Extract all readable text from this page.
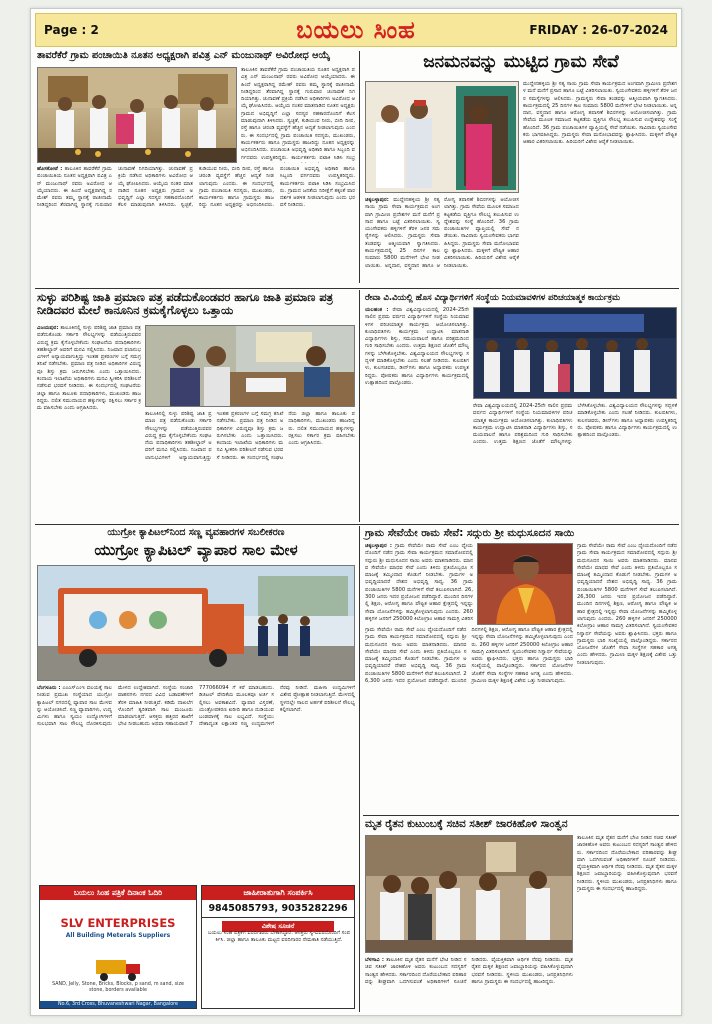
Page : 2	ಬಯಲು ಸಿಂಹ	FRIDAY : 26-07-2024
ತಾವರೆಕೆರೆ ಗ್ರಾಮ ಪಂಚಾಯಿತಿ ನೂತನ ಅಧ್ಯಕ್ಷರಾಗಿ ಪವಿತ್ರ ಎನ್ ಮಂಜುನಾಥ್ ಅವಿರೋಧ ಆಯ್ಕೆ
ತಾಲೂಕಿನ ತಾವರೆಕೆರೆ ಗ್ರಾಮ ಪಂಚಾಯಿತಿಯ ನೂತನ ಅಧ್ಯಕ್ಷರಾಗಿ ಪವಿತ್ರ ಎನ್ ಮಂಜುನಾಥ್ ರವರು ಅವಿರೋಧ ಆಯ್ಕೆಯಾದರು. ಈ ಹಿಂದೆ ಅಧ್ಯಕ್ಷರಾಗಿದ್ದ ರಮೇಶ್ ರವರು ತಮ್ಮ ಸ್ಥಾನಕ್ಕೆ ರಾಜೀನಾಮೆ ನೀಡಿದ್ದರಿಂದ ತೆರವಾಗಿದ್ದ ಸ್ಥಾನಕ್ಕೆ ಗುರುವಾರ ಚುನಾವಣೆ ನಿಗದಿಯಾಗಿತ್ತು. ಚುನಾವಣೆ ಪ್ರಕ್ರಿಯೆ ನಡೆಸಿದ ಅಧಿಕಾರಿಗಳು ಅವಿರೋಧ ಆಯ್ಕೆ ಘೋಷಿಸಿದರು. ಆಯ್ಕೆಯ ನಂತರ ಮಾತನಾಡಿದ ನೂತನ ಅಧ್ಯಕ್ಷರು ಗ್ರಾಮದ ಅಭಿವೃದ್ಧಿಗೆ ಎಲ್ಲಾ ಸದಸ್ಯರ ಸಹಕಾರದೊಂದಿಗೆ ಕೆಲಸ ಮಾಡುವುದಾಗಿ ತಿಳಿಸಿದರು. ಸ್ವಚ್ಛತೆ, ಕುಡಿಯುವ ನೀರು, ಬೀದಿ ದೀಪ, ರಸ್ತೆ ಹಾಗೂ ಚರಂಡಿ ವ್ಯವಸ್ಥೆಗೆ ಹೆಚ್ಚಿನ ಆದ್ಯತೆ ನೀಡಲಾಗುವುದು ಎಂದರು. ಈ ಸಂದರ್ಭದಲ್ಲಿ ಗ್ರಾಮ ಪಂಚಾಯಿತಿ ಸದಸ್ಯರು, ಮುಖಂಡರು, ಕಾರ್ಯಕರ್ತರು ಹಾಗೂ ಗ್ರಾಮಸ್ಥರು ಹಾಜರಿದ್ದು ನೂತನ ಅಧ್ಯಕ್ಷರನ್ನು ಅಭಿನಂದಿಸಿದರು. ಪಂಚಾಯಿತಿ ಅಭಿವೃದ್ಧಿ ಅಧಿಕಾರಿ ಹಾಗೂ ಸಿಬ್ಬಂದಿ ವರ್ಗದವರು ಉಪಸ್ಥಿತರಿದ್ದರು. ಕಾರ್ಯಕರ್ತರು ಪಟಾಕಿ ಸಿಡಿಸಿ ಸಂಭ್ರ
ಹೊಸಕೋಟೆ : ತಾಲೂಕಿನ ತಾವರೆಕೆರೆ ಗ್ರಾಮ ಪಂಚಾಯಿತಿಯ ನೂತನ ಅಧ್ಯಕ್ಷರಾಗಿ ಪವಿತ್ರ ಎನ್ ಮಂಜುನಾಥ್ ರವರು ಅವಿರೋಧ ಆಯ್ಕೆಯಾದರು. ಈ ಹಿಂದೆ ಅಧ್ಯಕ್ಷರಾಗಿದ್ದ ರಮೇಶ್ ರವರು ತಮ್ಮ ಸ್ಥಾನಕ್ಕೆ ರಾಜೀನಾಮೆ ನೀಡಿದ್ದರಿಂದ ತೆರವಾಗಿದ್ದ ಸ್ಥಾನಕ್ಕೆ ಗುರುವಾರ ಚುನಾವಣೆ ನಿಗದಿಯಾಗಿತ್ತು. ಚುನಾವಣೆ ಪ್ರಕ್ರಿಯೆ ನಡೆಸಿದ ಅಧಿಕಾರಿಗಳು ಅವಿರೋಧ ಆಯ್ಕೆ ಘೋಷಿಸಿದರು. ಆಯ್ಕೆಯ ನಂತರ ಮಾತನಾಡಿದ ನೂತನ ಅಧ್ಯಕ್ಷರು ಗ್ರಾಮದ ಅಭಿವೃದ್ಧಿಗೆ ಎಲ್ಲಾ ಸದಸ್ಯರ ಸಹಕಾರದೊಂದಿಗೆ ಕೆಲಸ ಮಾಡುವುದಾಗಿ ತಿಳಿಸಿದರು. ಸ್ವಚ್ಛತೆ, ಕುಡಿಯುವ ನೀರು, ಬೀದಿ ದೀಪ, ರಸ್ತೆ ಹಾಗೂ ಚರಂಡಿ ವ್ಯವಸ್ಥೆಗೆ ಹೆಚ್ಚಿನ ಆದ್ಯತೆ ನೀಡಲಾಗುವುದು ಎಂದರು. ಈ ಸಂದರ್ಭದಲ್ಲಿ ಗ್ರಾಮ ಪಂಚಾಯಿತಿ ಸದಸ್ಯರು, ಮುಖಂಡರು, ಕಾರ್ಯಕರ್ತರು ಹಾಗೂ ಗ್ರಾಮಸ್ಥರು ಹಾಜರಿದ್ದು ನೂತನ ಅಧ್ಯಕ್ಷರನ್ನು ಅಭಿನಂದಿಸಿದರು. ಪಂಚಾಯಿತಿ ಅಭಿವೃದ್ಧಿ ಅಧಿಕಾರಿ ಹಾಗೂ ಸಿಬ್ಬಂದಿ ವರ್ಗದವರು ಉಪಸ್ಥಿತರಿದ್ದರು. ಕಾರ್ಯಕರ್ತರು ಪಟಾಕಿ ಸಿಡಿಸಿ ಸಂಭ್ರಮಿಸಿದರು. ಗ್ರಾಮದ ಜನತೆಯ ನಿರೀಕ್ಷೆಗೆ ತಕ್ಕಂತೆ ಪಾರದರ್ಶಕ ಆಡಳಿತ ನೀಡಲಾಗುವುದು ಎಂದು ಭರವಸೆ ನೀಡಿದರು.
ಜನಮನವನ್ನು ಮುಟ್ಟಿದ ಗ್ರಾಮ ಸೇವೆ
ಮುದ್ದೇನಹಳ್ಳಿಯ ಶ್ರೀ ಸತ್ಯ ಸಾಯಿ ಗ್ರಾಮ ಸೇವಾ ಕಾರ್ಯಕ್ರಮದ ಅಂಗವಾಗಿ ಗ್ರಾಮೀಣ ಪ್ರದೇಶಗಳ ಮನೆ ಮನೆಗೆ ಪ್ರಸಾದ ಹಾಗೂ ಬಟ್ಟೆ ವಿತರಿಸಲಾಯಿತು. ಸ್ವಯಂಸೇವಕರು ಹಳ್ಳಿಗಳಿಗೆ ತೆರಳಿ ಜನರ ಸಮಸ್ಯೆಗಳನ್ನು ಆಲಿಸಿದರು. ಗ್ರಾಮಸ್ಥರು ಸೇವಾ ತಂಡವನ್ನು ಆತ್ಮೀಯವಾಗಿ ಸ್ವಾಗತಿಸಿದರು. ಕಾರ್ಯಕ್ರಮದಲ್ಲಿ 25 ದಿನಗಳ ಕಾಲ ಸುಮಾರು 5800 ಮನೆಗಳಿಗೆ ಭೇಟಿ ನೀಡಲಾಯಿತು. ಅನ್ನದಾನ, ವಸ್ತ್ರದಾನ ಹಾಗೂ ಆರೋಗ್ಯ ತಪಾಸಣೆ ಶಿಬಿರಗಳನ್ನು ಆಯೋಜಿಸಲಾಗಿತ್ತು. ಗ್ರಾಮ ಸೇವೆಯ ಮೂಲಕ ಸಮಾಜದ ಕಟ್ಟಕಡೆಯ ವ್ಯಕ್ತಿಗೂ ಸೌಲಭ್ಯ ತಲುಪಿಸುವ ಉದ್ದೇಶವನ್ನು ಸಂಸ್ಥೆ ಹೊಂದಿದೆ. 36 ಗ್ರಾಮ ಪಂಚಾಯಿತಿಗಳ ವ್ಯಾಪ್ತಿಯಲ್ಲಿ ಸೇವೆ ನಡೆಯಿತು. ಸಾವಿರಾರು ಸ್ವಯಂಸೇವಕರು ಭಾಗವಹಿಸಿದ್ದರು. ಗ್ರಾಮಸ್ಥರು ಸೇವಾ ಮನೋಭಾವವನ್ನು ಶ್ಲಾಘಿಸಿದರು. ಮಕ್ಕಳಿಗೆ ಪೌಷ್ಟಿಕ ಆಹಾರ ವಿತರಿಸಲಾಯಿತು. ಹಿರಿಯರಿಗೆ ವಿಶೇಷ ಆರೈಕೆ ನೀಡಲಾಯಿತು.
ಚಿಕ್ಕಬಳ್ಳಾಪುರ: ಮುದ್ದೇನಹಳ್ಳಿಯ ಶ್ರೀ ಸತ್ಯ ಸಾಯಿ ಗ್ರಾಮ ಸೇವಾ ಕಾರ್ಯಕ್ರಮದ ಅಂಗವಾಗಿ ಗ್ರಾಮೀಣ ಪ್ರದೇಶಗಳ ಮನೆ ಮನೆಗೆ ಪ್ರಸಾದ ಹಾಗೂ ಬಟ್ಟೆ ವಿತರಿಸಲಾಯಿತು. ಸ್ವಯಂಸೇವಕರು ಹಳ್ಳಿಗಳಿಗೆ ತೆರಳಿ ಜನರ ಸಮಸ್ಯೆಗಳನ್ನು ಆಲಿಸಿದರು. ಗ್ರಾಮಸ್ಥರು ಸೇವಾ ತಂಡವನ್ನು ಆತ್ಮೀಯವಾಗಿ ಸ್ವಾಗತಿಸಿದರು. ಕಾರ್ಯಕ್ರಮದಲ್ಲಿ 25 ದಿನಗಳ ಕಾಲ ಸುಮಾರು 5800 ಮನೆಗಳಿಗೆ ಭೇಟಿ ನೀಡಲಾಯಿತು. ಅನ್ನದಾನ, ವಸ್ತ್ರದಾನ ಹಾಗೂ ಆರೋಗ್ಯ ತಪಾಸಣೆ ಶಿಬಿರಗಳನ್ನು ಆಯೋಜಿಸಲಾಗಿತ್ತು. ಗ್ರಾಮ ಸೇವೆಯ ಮೂಲಕ ಸಮಾಜದ ಕಟ್ಟಕಡೆಯ ವ್ಯಕ್ತಿಗೂ ಸೌಲಭ್ಯ ತಲುಪಿಸುವ ಉದ್ದೇಶವನ್ನು ಸಂಸ್ಥೆ ಹೊಂದಿದೆ. 36 ಗ್ರಾಮ ಪಂಚಾಯಿತಿಗಳ ವ್ಯಾಪ್ತಿಯಲ್ಲಿ ಸೇವೆ ನಡೆಯಿತು. ಸಾವಿರಾರು ಸ್ವಯಂಸೇವಕರು ಭಾಗವಹಿಸಿದ್ದರು. ಗ್ರಾಮಸ್ಥರು ಸೇವಾ ಮನೋಭಾವವನ್ನು ಶ್ಲಾಘಿಸಿದರು. ಮಕ್ಕಳಿಗೆ ಪೌಷ್ಟಿಕ ಆಹಾರ ವಿತರಿಸಲಾಯಿತು. ಹಿರಿಯರಿಗೆ ವಿಶೇಷ ಆರೈಕೆ ನೀಡಲಾಯಿತು.
ಸುಳ್ಳು ಪರಿಶಿಷ್ಟ ಜಾತಿ ಪ್ರಮಾಣ ಪತ್ರ ಪಡೆದುಕೊಂಡವರ ಹಾಗೂ ಜಾತಿ ಪ್ರಮಾಣ ಪತ್ರ ನೀಡಿದವರ ಮೇಲೆ ಕಾನೂನಿನ ಕ್ರಮಕೈಗೊಳ್ಳಲು ಒತ್ತಾಯ
ವಿಜಯಪುರ: ತಾಲೂಕಿನಲ್ಲಿ ಸುಳ್ಳು ಪರಿಶಿಷ್ಟ ಜಾತಿ ಪ್ರಮಾಣ ಪತ್ರ ಪಡೆದುಕೊಂಡು ಸರ್ಕಾರಿ ಸೌಲಭ್ಯಗಳನ್ನು ಪಡೆಯುತ್ತಿರುವವರ ವಿರುದ್ಧ ಕ್ರಮ ಕೈಗೊಳ್ಳಬೇಕೆಂದು ಸಂಘಟನೆಯ ಪದಾಧಿಕಾರಿಗಳು ತಹಶೀಲ್ದಾರ್ ಅವರಿಗೆ ಮನವಿ ಸಲ್ಲಿಸಿದರು. ನಿಜವಾದ ಫಲಾನುಭವಿಗಳಿಗೆ ಅನ್ಯಾಯವಾಗುತ್ತಿದ್ದು ಇಂತಹ ಪ್ರಕರಣಗಳ ಬಗ್ಗೆ ಸಮಗ್ರ ತನಿಖೆ ನಡೆಸಬೇಕು. ಪ್ರಮಾಣ ಪತ್ರ ನೀಡಿದ ಅಧಿಕಾರಿಗಳ ವಿರುದ್ಧವೂ ಶಿಸ್ತು ಕ್ರಮ ಜರುಗಿಸಬೇಕು ಎಂದು ಒತ್ತಾಯಿಸಿದರು. ಕಂದಾಯ ಇಲಾಖೆಯ ಅಧಿಕಾರಿಗಳು ಮನವಿ ಸ್ವೀಕರಿಸಿ ಪರಿಶೀಲನೆ ನಡೆಸುವ ಭರವಸೆ ನೀಡಿದರು. ಈ ಸಂದರ್ಭದಲ್ಲಿ ಸಂಘಟನೆಯ ಜಿಲ್ಲಾ ಹಾಗೂ ತಾಲೂಕು ಪದಾಧಿಕಾರಿಗಳು, ಮುಖಂಡರು ಹಾಜರಿದ್ದರು. ದಲಿತ ಸಮುದಾಯದ ಹಕ್ಕುಗಳನ್ನು ರಕ್ಷಿಸಲು ಸರ್ಕಾರ ಕ್ರಮ ವಹಿಸಬೇಕು ಎಂದು ಆಗ್ರಹಿಸಿದರು.
ತಾಲೂಕಿನಲ್ಲಿ ಸುಳ್ಳು ಪರಿಶಿಷ್ಟ ಜಾತಿ ಪ್ರಮಾಣ ಪತ್ರ ಪಡೆದುಕೊಂಡು ಸರ್ಕಾರಿ ಸೌಲಭ್ಯಗಳನ್ನು ಪಡೆಯುತ್ತಿರುವವರ ವಿರುದ್ಧ ಕ್ರಮ ಕೈಗೊಳ್ಳಬೇಕೆಂದು ಸಂಘಟನೆಯ ಪದಾಧಿಕಾರಿಗಳು ತಹಶೀಲ್ದಾರ್ ಅವರಿಗೆ ಮನವಿ ಸಲ್ಲಿಸಿದರು. ನಿಜವಾದ ಫಲಾನುಭವಿಗಳಿಗೆ ಅನ್ಯಾಯವಾಗುತ್ತಿದ್ದು ಇಂತಹ ಪ್ರಕರಣಗಳ ಬಗ್ಗೆ ಸಮಗ್ರ ತನಿಖೆ ನಡೆಸಬೇಕು. ಪ್ರಮಾಣ ಪತ್ರ ನೀಡಿದ ಅಧಿಕಾರಿಗಳ ವಿರುದ್ಧವೂ ಶಿಸ್ತು ಕ್ರಮ ಜರುಗಿಸಬೇಕು ಎಂದು ಒತ್ತಾಯಿಸಿದರು. ಕಂದಾಯ ಇಲಾಖೆಯ ಅಧಿಕಾರಿಗಳು ಮನವಿ ಸ್ವೀಕರಿಸಿ ಪರಿಶೀಲನೆ ನಡೆಸುವ ಭರವಸೆ ನೀಡಿದರು. ಈ ಸಂದರ್ಭದಲ್ಲಿ ಸಂಘಟನೆಯ ಜಿಲ್ಲಾ ಹಾಗೂ ತಾಲೂಕು ಪದಾಧಿಕಾರಿಗಳು, ಮುಖಂಡರು ಹಾಜರಿದ್ದರು. ದಲಿತ ಸಮುದಾಯದ ಹಕ್ಕುಗಳನ್ನು ರಕ್ಷಿಸಲು ಸರ್ಕಾರ ಕ್ರಮ ವಹಿಸಬೇಕು ಎಂದು ಆಗ್ರಹಿಸಿದರು.
ರೇವಾ ವಿ.ವಿಯಲ್ಲಿ ಹೊಸ ವಿದ್ಯಾರ್ಥಿಗಳಿಗೆ ಸಂಸ್ಥೆಯ ನಿಯಮಾವಳಿಗಳ ಪರಿಚಯಾತ್ಮಕ ಕಾರ್ಯಕ್ರಮ
ಯಲಹಂಕ : ರೇವಾ ವಿಶ್ವವಿದ್ಯಾಲಯದಲ್ಲಿ 2024-25ನೇ ಸಾಲಿನ ಪ್ರಥಮ ವರ್ಷದ ವಿದ್ಯಾರ್ಥಿಗಳಿಗೆ ಸಂಸ್ಥೆಯ ನಿಯಮಾವಳಿಗಳ ಪರಿಚಯಾತ್ಮಕ ಕಾರ್ಯಕ್ರಮ ಆಯೋಜಿಸಲಾಗಿತ್ತು. ಕುಲಾಧಿಪತಿಗಳು ಕಾರ್ಯಕ್ರಮ ಉದ್ಘಾಟಿಸಿ ಮಾತನಾಡಿ ವಿದ್ಯಾರ್ಥಿಗಳು ಶಿಸ್ತು, ಸಮಯಪಾಲನೆ ಹಾಗೂ ಪರಿಶ್ರಮದಿಂದ ಗುರಿ ಸಾಧಿಸಬೇಕು ಎಂದರು. ಉತ್ತಮ ಶಿಕ್ಷಣದ ಜೊತೆಗೆ ಮೌಲ್ಯಗಳನ್ನು ಬೆಳೆಸಿಕೊಳ್ಳಬೇಕು. ವಿಶ್ವವಿದ್ಯಾಲಯದ ಸೌಲಭ್ಯಗಳನ್ನು ಸದ್ಬಳಕೆ ಮಾಡಿಕೊಳ್ಳಬೇಕು ಎಂದು ಸಲಹೆ ನೀಡಿದರು. ಕುಲಪತಿಗಳು, ಕುಲಸಚಿವರು, ಡೀನ್‌ಗಳು ಹಾಗೂ ಅಧ್ಯಾಪಕರು ಉಪಸ್ಥಿತರಿದ್ದರು. ಪೋಷಕರು ಹಾಗೂ ವಿದ್ಯಾರ್ಥಿಗಳು ಕಾರ್ಯಕ್ರಮದಲ್ಲಿ ಉತ್ಸಾಹದಿಂದ ಪಾಲ್ಗೊಂಡರು.
ರೇವಾ ವಿಶ್ವವಿದ್ಯಾಲಯದಲ್ಲಿ 2024-25ನೇ ಸಾಲಿನ ಪ್ರಥಮ ವರ್ಷದ ವಿದ್ಯಾರ್ಥಿಗಳಿಗೆ ಸಂಸ್ಥೆಯ ನಿಯಮಾವಳಿಗಳ ಪರಿಚಯಾತ್ಮಕ ಕಾರ್ಯಕ್ರಮ ಆಯೋಜಿಸಲಾಗಿತ್ತು. ಕುಲಾಧಿಪತಿಗಳು ಕಾರ್ಯಕ್ರಮ ಉದ್ಘಾಟಿಸಿ ಮಾತನಾಡಿ ವಿದ್ಯಾರ್ಥಿಗಳು ಶಿಸ್ತು, ಸಮಯಪಾಲನೆ ಹಾಗೂ ಪರಿಶ್ರಮದಿಂದ ಗುರಿ ಸಾಧಿಸಬೇಕು ಎಂದರು. ಉತ್ತಮ ಶಿಕ್ಷಣದ ಜೊತೆಗೆ ಮೌಲ್ಯಗಳನ್ನು ಬೆಳೆಸಿಕೊಳ್ಳಬೇಕು. ವಿಶ್ವವಿದ್ಯಾಲಯದ ಸೌಲಭ್ಯಗಳನ್ನು ಸದ್ಬಳಕೆ ಮಾಡಿಕೊಳ್ಳಬೇಕು ಎಂದು ಸಲಹೆ ನೀಡಿದರು. ಕುಲಪತಿಗಳು, ಕುಲಸಚಿವರು, ಡೀನ್‌ಗಳು ಹಾಗೂ ಅಧ್ಯಾಪಕರು ಉಪಸ್ಥಿತರಿದ್ದರು. ಪೋಷಕರು ಹಾಗೂ ವಿದ್ಯಾರ್ಥಿಗಳು ಕಾರ್ಯಕ್ರಮದಲ್ಲಿ ಉತ್ಸಾಹದಿಂದ ಪಾಲ್ಗೊಂಡರು.
ಯುಗ್ರೋ ಕ್ಯಾಪಿಟಲ್‌ನಿಂದ ಸಣ್ಣ ವ್ಯವಹಾರಗಳ ಸಬಲೀಕರಣ
ಯುಗ್ರೋ ಕ್ಯಾಪಿಟಲ್ ವ್ಯಾಪಾರ ಸಾಲ ಮೇಳ
ಬೆಂಗಳೂರು : ಎಂಎಸ್‌ಎಂಇ ವಲಯಕ್ಕೆ ಸಾಲ ನೀಡುವ ಪ್ರಮುಖ ಸಂಸ್ಥೆಯಾದ ಯುಗ್ರೋ ಕ್ಯಾಪಿಟಲ್ ನಗರದಲ್ಲಿ ವ್ಯಾಪಾರ ಸಾಲ ಮೇಳವನ್ನು ಆಯೋಜಿಸಿದೆ. ಸಣ್ಣ ವ್ಯಾಪಾರಿಗಳು, ಉದ್ಯಮಿಗಳು ಹಾಗೂ ಸ್ವಯಂ ಉದ್ಯೋಗಿಗಳಿಗೆ ಸುಲಭವಾಗಿ ಸಾಲ ಸೌಲಭ್ಯ ದೊರಕಿಸುವುದು ಮೇಳದ ಉದ್ದೇಶವಾಗಿದೆ. ಸಂಸ್ಥೆಯ ಸಂಚಾರಿ ವಾಹನಗಳು ನಗರದ ವಿವಿಧ ಬಡಾವಣೆಗಳಿಗೆ ತೆರಳಿ ಮಾಹಿತಿ ನೀಡುತ್ತಿವೆ. ಕಡಿಮೆ ದಾಖಲೆಗಳೊಂದಿಗೆ ತ್ವರಿತವಾಗಿ ಸಾಲ ಮಂಜೂರು ಮಾಡಲಾಗುತ್ತದೆ. ಆಸಕ್ತರು ಹತ್ತಿರದ ಶಾಖೆಗೆ ಭೇಟಿ ನೀಡಬಹುದು ಅಥವಾ ಸಹಾಯವಾಣಿ 7777066094 ಗೆ ಕರೆ ಮಾಡಬಹುದು. ಡಿಜಿಟಲ್ ವೇದಿಕೆಯ ಮೂಲಕವೂ ಅರ್ಜಿ ಸಲ್ಲಿಸಲು ಅವಕಾಶವಿದೆ. ವ್ಯಾಪಾರ ವಿಸ್ತರಣೆ, ಯಂತ್ರೋಪಕರಣ ಖರೀದಿ ಹಾಗೂ ದುಡಿಯುವ ಬಂಡವಾಳಕ್ಕೆ ಸಾಲ ಲಭ್ಯವಿದೆ. ಸಂಸ್ಥೆಯು ದೇಶಾದ್ಯಂತ ಲಕ್ಷಾಂತರ ಸಣ್ಣ ಉದ್ಯಮಗಳಿಗೆ ನೆರವು ನೀಡಿದೆ. ಮಹಿಳಾ ಉದ್ಯಮಿಗಳಿಗೆ ವಿಶೇಷ ಪ್ರೋತ್ಸಾಹ ನೀಡಲಾಗುತ್ತಿದೆ. ಮೇಳದಲ್ಲಿ ಸ್ಥಳದಲ್ಲೇ ಸಾಲದ ಅರ್ಹತೆ ಪರಿಶೀಲನೆ ಸೌಲಭ್ಯ ಕಲ್ಪಿಸಲಾಗಿದೆ.
ಬಯಲು ಸಿಂಹ ಪತ್ರಿಕೆ ದಿನಾಂಕ ಓದಿರಿ
SLV ENTERPRISES
All Building Meterals Suppliers
SAND, Jelly, Stone, Bricks, Blocks, p sand, m sand, size stone, borders available
No.6, 3rd Cross, Bhuvaneshwari Nagar, Bangalore
ಜಾಹೀರಾತುಗಾಗಿ ಸಂಪರ್ಕಿಸಿ
9845085793, 9035282296
ವಿಶೇಷ ಸೂಚನೆ
ಬಯಲು ಸಿಂಹ ಪತ್ರಿಕೆಗೆ ವರದಿಗಾರರು ಬೇಕಾಗಿದ್ದಾರೆ. ಆಸಕ್ತರು ಸ್ವ-ವಿವರದೊಂದಿಗೆ ಸಂಪರ್ಕಿಸಿ. ಜಿಲ್ಲಾ ಹಾಗೂ ತಾಲೂಕು ಮಟ್ಟದ ವರದಿಗಾರರ ನೇಮಕಾತಿ ನಡೆಯುತ್ತಿದೆ.
ಗ್ರಾಮ ಸೇವೆಯೇ ರಾಮ ಸೇವೆ: ಸದ್ಗುರು ಶ್ರೀ ಮಧುಸೂದನ ಸಾಯಿ
ಚಿಕ್ಕಬಳ್ಳಾಪುರ : ಗ್ರಾಮ ಸೇವೆಯೇ ರಾಮ ಸೇವೆ ಎಂಬ ಧ್ಯೇಯದೊಂದಿಗೆ ನಡೆದ ಗ್ರಾಮ ಸೇವಾ ಕಾರ್ಯಕ್ರಮದ ಸಮಾರೋಪದಲ್ಲಿ ಸದ್ಗುರು ಶ್ರೀ ಮಧುಸೂದನ ಸಾಯಿ ಅವರು ಮಾತನಾಡಿದರು. ಮಾನವ ಸೇವೆಯೇ ಮಾಧವ ಸೇವೆ ಎಂದು ತಿಳಿದು ಪ್ರತಿಯೊಬ್ಬರೂ ಸಮಾಜಕ್ಕೆ ತಮ್ಮಿಂದಾದ ಕೊಡುಗೆ ನೀಡಬೇಕು. ಗ್ರಾಮಗಳ ಅಭಿವೃದ್ಧಿಯಾದರೆ ದೇಶದ ಅಭಿವೃದ್ಧಿ ಸಾಧ್ಯ. 36 ಗ್ರಾಮ ಪಂಚಾಯಿತಿಗಳ 5800 ಮನೆಗಳಿಗೆ ಸೇವೆ ತಲುಪಿಸಲಾಗಿದೆ. 26,300 ಜನರು ಇದರ ಪ್ರಯೋಜನ ಪಡೆದಿದ್ದಾರೆ. ಮುಂದಿನ ದಿನಗಳಲ್ಲಿ ಶಿಕ್ಷಣ, ಆರೋಗ್ಯ ಹಾಗೂ ಪೌಷ್ಟಿಕ ಆಹಾರ ಕ್ಷೇತ್ರದಲ್ಲಿ ಇನ್ನಷ್ಟು ಸೇವಾ ಯೋಜನೆಗಳನ್ನು ಹಮ್ಮಿಕೊಳ್ಳಲಾಗುವುದು ಎಂದರು. 260 ಹಳ್ಳಿಗಳ ಜನರಿಗೆ 250000 ಕಿಲೋಗ್ರಾಂ ಆಹಾರ ಸಾಮಗ್ರಿ ವಿತರಿಸ
ಗ್ರಾಮ ಸೇವೆಯೇ ರಾಮ ಸೇವೆ ಎಂಬ ಧ್ಯೇಯದೊಂದಿಗೆ ನಡೆದ ಗ್ರಾಮ ಸೇವಾ ಕಾರ್ಯಕ್ರಮದ ಸಮಾರೋಪದಲ್ಲಿ ಸದ್ಗುರು ಶ್ರೀ ಮಧುಸೂದನ ಸಾಯಿ ಅವರು ಮಾತನಾಡಿದರು. ಮಾನವ ಸೇವೆಯೇ ಮಾಧವ ಸೇವೆ ಎಂದು ತಿಳಿದು ಪ್ರತಿಯೊಬ್ಬರೂ ಸಮಾಜಕ್ಕೆ ತಮ್ಮಿಂದಾದ ಕೊಡುಗೆ ನೀಡಬೇಕು. ಗ್ರಾಮಗಳ ಅಭಿವೃದ್ಧಿಯಾದರೆ ದೇಶದ ಅಭಿವೃದ್ಧಿ ಸಾಧ್ಯ. 36 ಗ್ರಾಮ ಪಂಚಾಯಿತಿಗಳ 5800 ಮನೆಗಳಿಗೆ ಸೇವೆ ತಲುಪಿಸಲಾಗಿದೆ. 26,300 ಜನರು ಇದರ ಪ್ರಯೋಜನ ಪಡೆದಿದ್ದಾರೆ. ಮುಂದಿನ ದಿನಗಳಲ್ಲಿ ಶಿಕ್ಷಣ, ಆರೋಗ್ಯ ಹಾಗೂ ಪೌಷ್ಟಿಕ ಆಹಾರ ಕ್ಷೇತ್ರದಲ್ಲಿ ಇನ್ನಷ್ಟು ಸೇವಾ ಯೋಜನೆಗಳನ್ನು ಹಮ್ಮಿಕೊಳ್ಳಲಾಗುವುದು ಎಂದರು. 260 ಹಳ್ಳಿಗಳ ಜನರಿಗೆ 250000 ಕಿಲೋಗ್ರಾಂ ಆಹಾರ ಸಾಮಗ್ರಿ ವಿತರಿಸಲಾಗಿದೆ. ಸ್ವಯಂಸೇವಕರ ನಿಸ್ವಾರ್ಥ ಸೇವೆಯನ್ನು ಅವರು ಶ್ಲಾಘಿಸಿದರು. ಭಕ್ತರು ಹಾಗೂ ಗ್ರಾಮಸ್ಥರು ಭಾರಿ ಸಂಖ್ಯೆಯಲ್ಲಿ ಪಾಲ್ಗೊಂಡಿದ್ದರು. ಸರ್ಕಾರದ ಯೋಜನೆಗಳ ಜೊತೆಗೆ ಸೇವಾ ಸಂಸ್ಥೆಗಳ ಸಹಕಾರ ಅಗತ್ಯ ಎಂದು ಹೇಳಿದರು. ಗ್ರಾಮೀಣ ಮಕ್ಕಳ ಶಿಕ್ಷಣಕ್ಕೆ ವಿಶೇಷ ಒತ್ತು ನೀಡಲಾಗುವುದು.
ಗ್ರಾಮ ಸೇವೆಯೇ ರಾಮ ಸೇವೆ ಎಂಬ ಧ್ಯೇಯದೊಂದಿಗೆ ನಡೆದ ಗ್ರಾಮ ಸೇವಾ ಕಾರ್ಯಕ್ರಮದ ಸಮಾರೋಪದಲ್ಲಿ ಸದ್ಗುರು ಶ್ರೀ ಮಧುಸೂದನ ಸಾಯಿ ಅವರು ಮಾತನಾಡಿದರು. ಮಾನವ ಸೇವೆಯೇ ಮಾಧವ ಸೇವೆ ಎಂದು ತಿಳಿದು ಪ್ರತಿಯೊಬ್ಬರೂ ಸಮಾಜಕ್ಕೆ ತಮ್ಮಿಂದಾದ ಕೊಡುಗೆ ನೀಡಬೇಕು. ಗ್ರಾಮಗಳ ಅಭಿವೃದ್ಧಿಯಾದರೆ ದೇಶದ ಅಭಿವೃದ್ಧಿ ಸಾಧ್ಯ. 36 ಗ್ರಾಮ ಪಂಚಾಯಿತಿಗಳ 5800 ಮನೆಗಳಿಗೆ ಸೇವೆ ತಲುಪಿಸಲಾಗಿದೆ. 26,300 ಜನರು ಇದರ ಪ್ರಯೋಜನ ಪಡೆದಿದ್ದಾರೆ. ಮುಂದಿನ ದಿನಗಳಲ್ಲಿ ಶಿಕ್ಷಣ, ಆರೋಗ್ಯ ಹಾಗೂ ಪೌಷ್ಟಿಕ ಆಹಾರ ಕ್ಷೇತ್ರದಲ್ಲಿ ಇನ್ನಷ್ಟು ಸೇವಾ ಯೋಜನೆಗಳನ್ನು ಹಮ್ಮಿಕೊಳ್ಳಲಾಗುವುದು ಎಂದರು. 260 ಹಳ್ಳಿಗಳ ಜನರಿಗೆ 250000 ಕಿಲೋಗ್ರಾಂ ಆಹಾರ ಸಾಮಗ್ರಿ ವಿತರಿಸಲಾಗಿದೆ. ಸ್ವಯಂಸೇವಕರ ನಿಸ್ವಾರ್ಥ ಸೇವೆಯನ್ನು ಅವರು ಶ್ಲಾಘಿಸಿದರು. ಭಕ್ತರು ಹಾಗೂ ಗ್ರಾಮಸ್ಥರು ಭಾರಿ ಸಂಖ್ಯೆಯಲ್ಲಿ ಪಾಲ್ಗೊಂಡಿದ್ದರು. ಸರ್ಕಾರದ ಯೋಜನೆಗಳ ಜೊತೆಗೆ ಸೇವಾ ಸಂಸ್ಥೆಗಳ ಸಹಕಾರ ಅಗತ್ಯ ಎಂದು ಹೇಳಿದರು. ಗ್ರಾಮೀಣ ಮಕ್ಕಳ ಶಿಕ್ಷಣಕ್ಕೆ ವಿಶೇಷ ಒತ್ತು ನೀಡಲಾಗುವುದು.
ಮೃತ ರೈತನ ಕುಟುಂಬಕ್ಕೆ ಸಚಿವ ಸತೀಶ್ ಜಾರಕಿಹೊಳಿ ಸಾಂತ್ವನ
ತಾಲೂಕಿನ ಮೃತ ರೈತನ ಮನೆಗೆ ಭೇಟಿ ನೀಡಿದ ಸಚಿವ ಸತೀಶ್ ಜಾರಕಿಹೊಳಿ ಅವರು ಕುಟುಂಬದ ಸದಸ್ಯರಿಗೆ ಸಾಂತ್ವನ ಹೇಳಿದರು. ಸರ್ಕಾರದಿಂದ ದೊರೆಯಬೇಕಾದ ಪರಿಹಾರವನ್ನು ಶೀಘ್ರವಾಗಿ ಒದಗಿಸುವಂತೆ ಅಧಿಕಾರಿಗಳಿಗೆ ಸೂಚನೆ ನೀಡಿದರು. ವೈಯಕ್ತಿಕವಾಗಿ ಆರ್ಥಿಕ ನೆರವು ನೀಡಿದರು. ಮೃತ ರೈತನ ಮಕ್ಕಳ ಶಿಕ್ಷಣದ ಜವಾಬ್ದಾರಿಯನ್ನು ವಹಿಸಿಕೊಳ್ಳುವುದಾಗಿ ಭರವಸೆ ನೀಡಿದರು. ಸ್ಥಳೀಯ ಮುಖಂಡರು, ಜನಪ್ರತಿನಿಧಿಗಳು ಹಾಗೂ ಗ್ರಾಮಸ್ಥರು ಈ ಸಂದರ್ಭದಲ್ಲಿ ಹಾಜರಿದ್ದರು.
ಬೆಳಗಾವಿ : ತಾಲೂಕಿನ ಮೃತ ರೈತನ ಮನೆಗೆ ಭೇಟಿ ನೀಡಿದ ಸಚಿವ ಸತೀಶ್ ಜಾರಕಿಹೊಳಿ ಅವರು ಕುಟುಂಬದ ಸದಸ್ಯರಿಗೆ ಸಾಂತ್ವನ ಹೇಳಿದರು. ಸರ್ಕಾರದಿಂದ ದೊರೆಯಬೇಕಾದ ಪರಿಹಾರವನ್ನು ಶೀಘ್ರವಾಗಿ ಒದಗಿಸುವಂತೆ ಅಧಿಕಾರಿಗಳಿಗೆ ಸೂಚನೆ ನೀಡಿದರು. ವೈಯಕ್ತಿಕವಾಗಿ ಆರ್ಥಿಕ ನೆರವು ನೀಡಿದರು. ಮೃತ ರೈತನ ಮಕ್ಕಳ ಶಿಕ್ಷಣದ ಜವಾಬ್ದಾರಿಯನ್ನು ವಹಿಸಿಕೊಳ್ಳುವುದಾಗಿ ಭರವಸೆ ನೀಡಿದರು. ಸ್ಥಳೀಯ ಮುಖಂಡರು, ಜನಪ್ರತಿನಿಧಿಗಳು ಹಾಗೂ ಗ್ರಾಮಸ್ಥರು ಈ ಸಂದರ್ಭದಲ್ಲಿ ಹಾಜರಿದ್ದರು.
